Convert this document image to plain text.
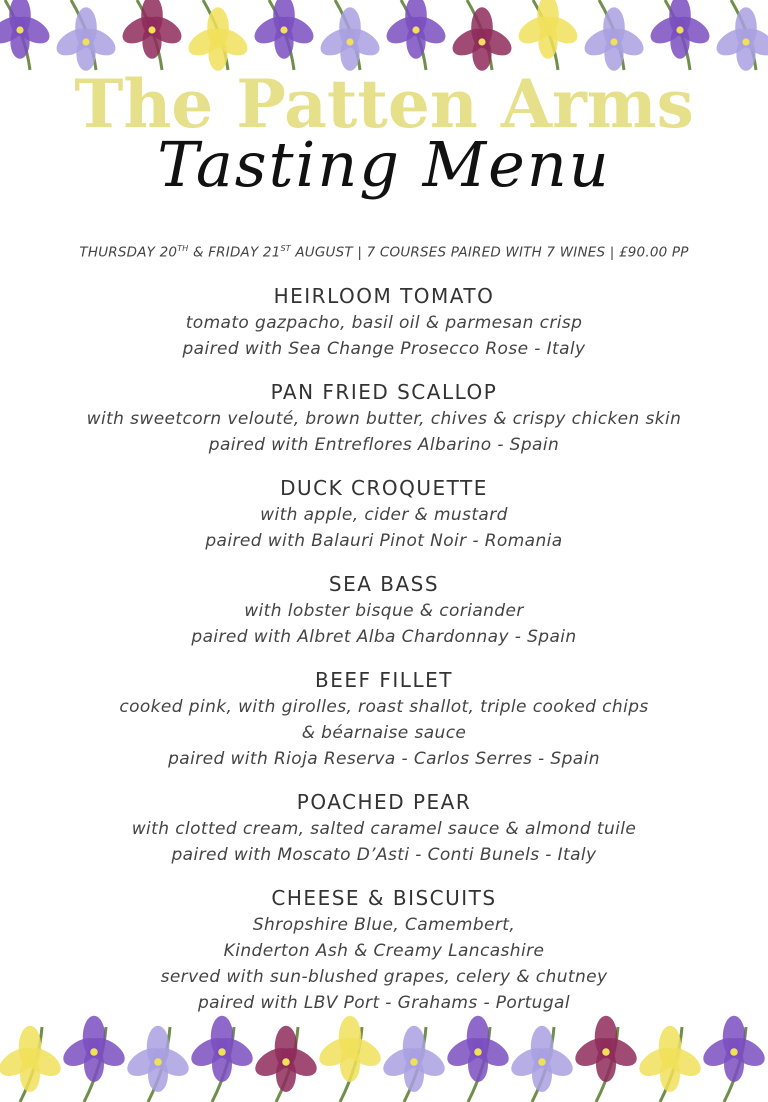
The Patten Arms
Tasting Menu
THURSDAY 20TH & FRIDAY 21ST AUGUST | 7 COURSES PAIRED WITH 7 WINES | £90.00 PP
HEIRLOOM TOMATO
tomato gazpacho, basil oil & parmesan crisp
paired with Sea Change Prosecco Rose - Italy
PAN FRIED SCALLOP
with sweetcorn velouté, brown butter, chives & crispy chicken skin
paired with Entreflores Albarino - Spain
DUCK CROQUETTE
with apple, cider & mustard
paired with Balauri Pinot Noir - Romania
SEA BASS
with lobster bisque & coriander
paired with Albret Alba Chardonnay - Spain
BEEF FILLET
cooked pink, with girolles, roast shallot, triple cooked chips
& béarnaise sauce
paired with Rioja Reserva - Carlos Serres - Spain
POACHED PEAR
with clotted cream, salted caramel sauce & almond tuile
paired with Moscato D’Asti - Conti Bunels - Italy
CHEESE & BISCUITS
Shropshire Blue, Camembert,
Kinderton Ash & Creamy Lancashire
served with sun-blushed grapes, celery & chutney
paired with LBV Port - Grahams - Portugal
